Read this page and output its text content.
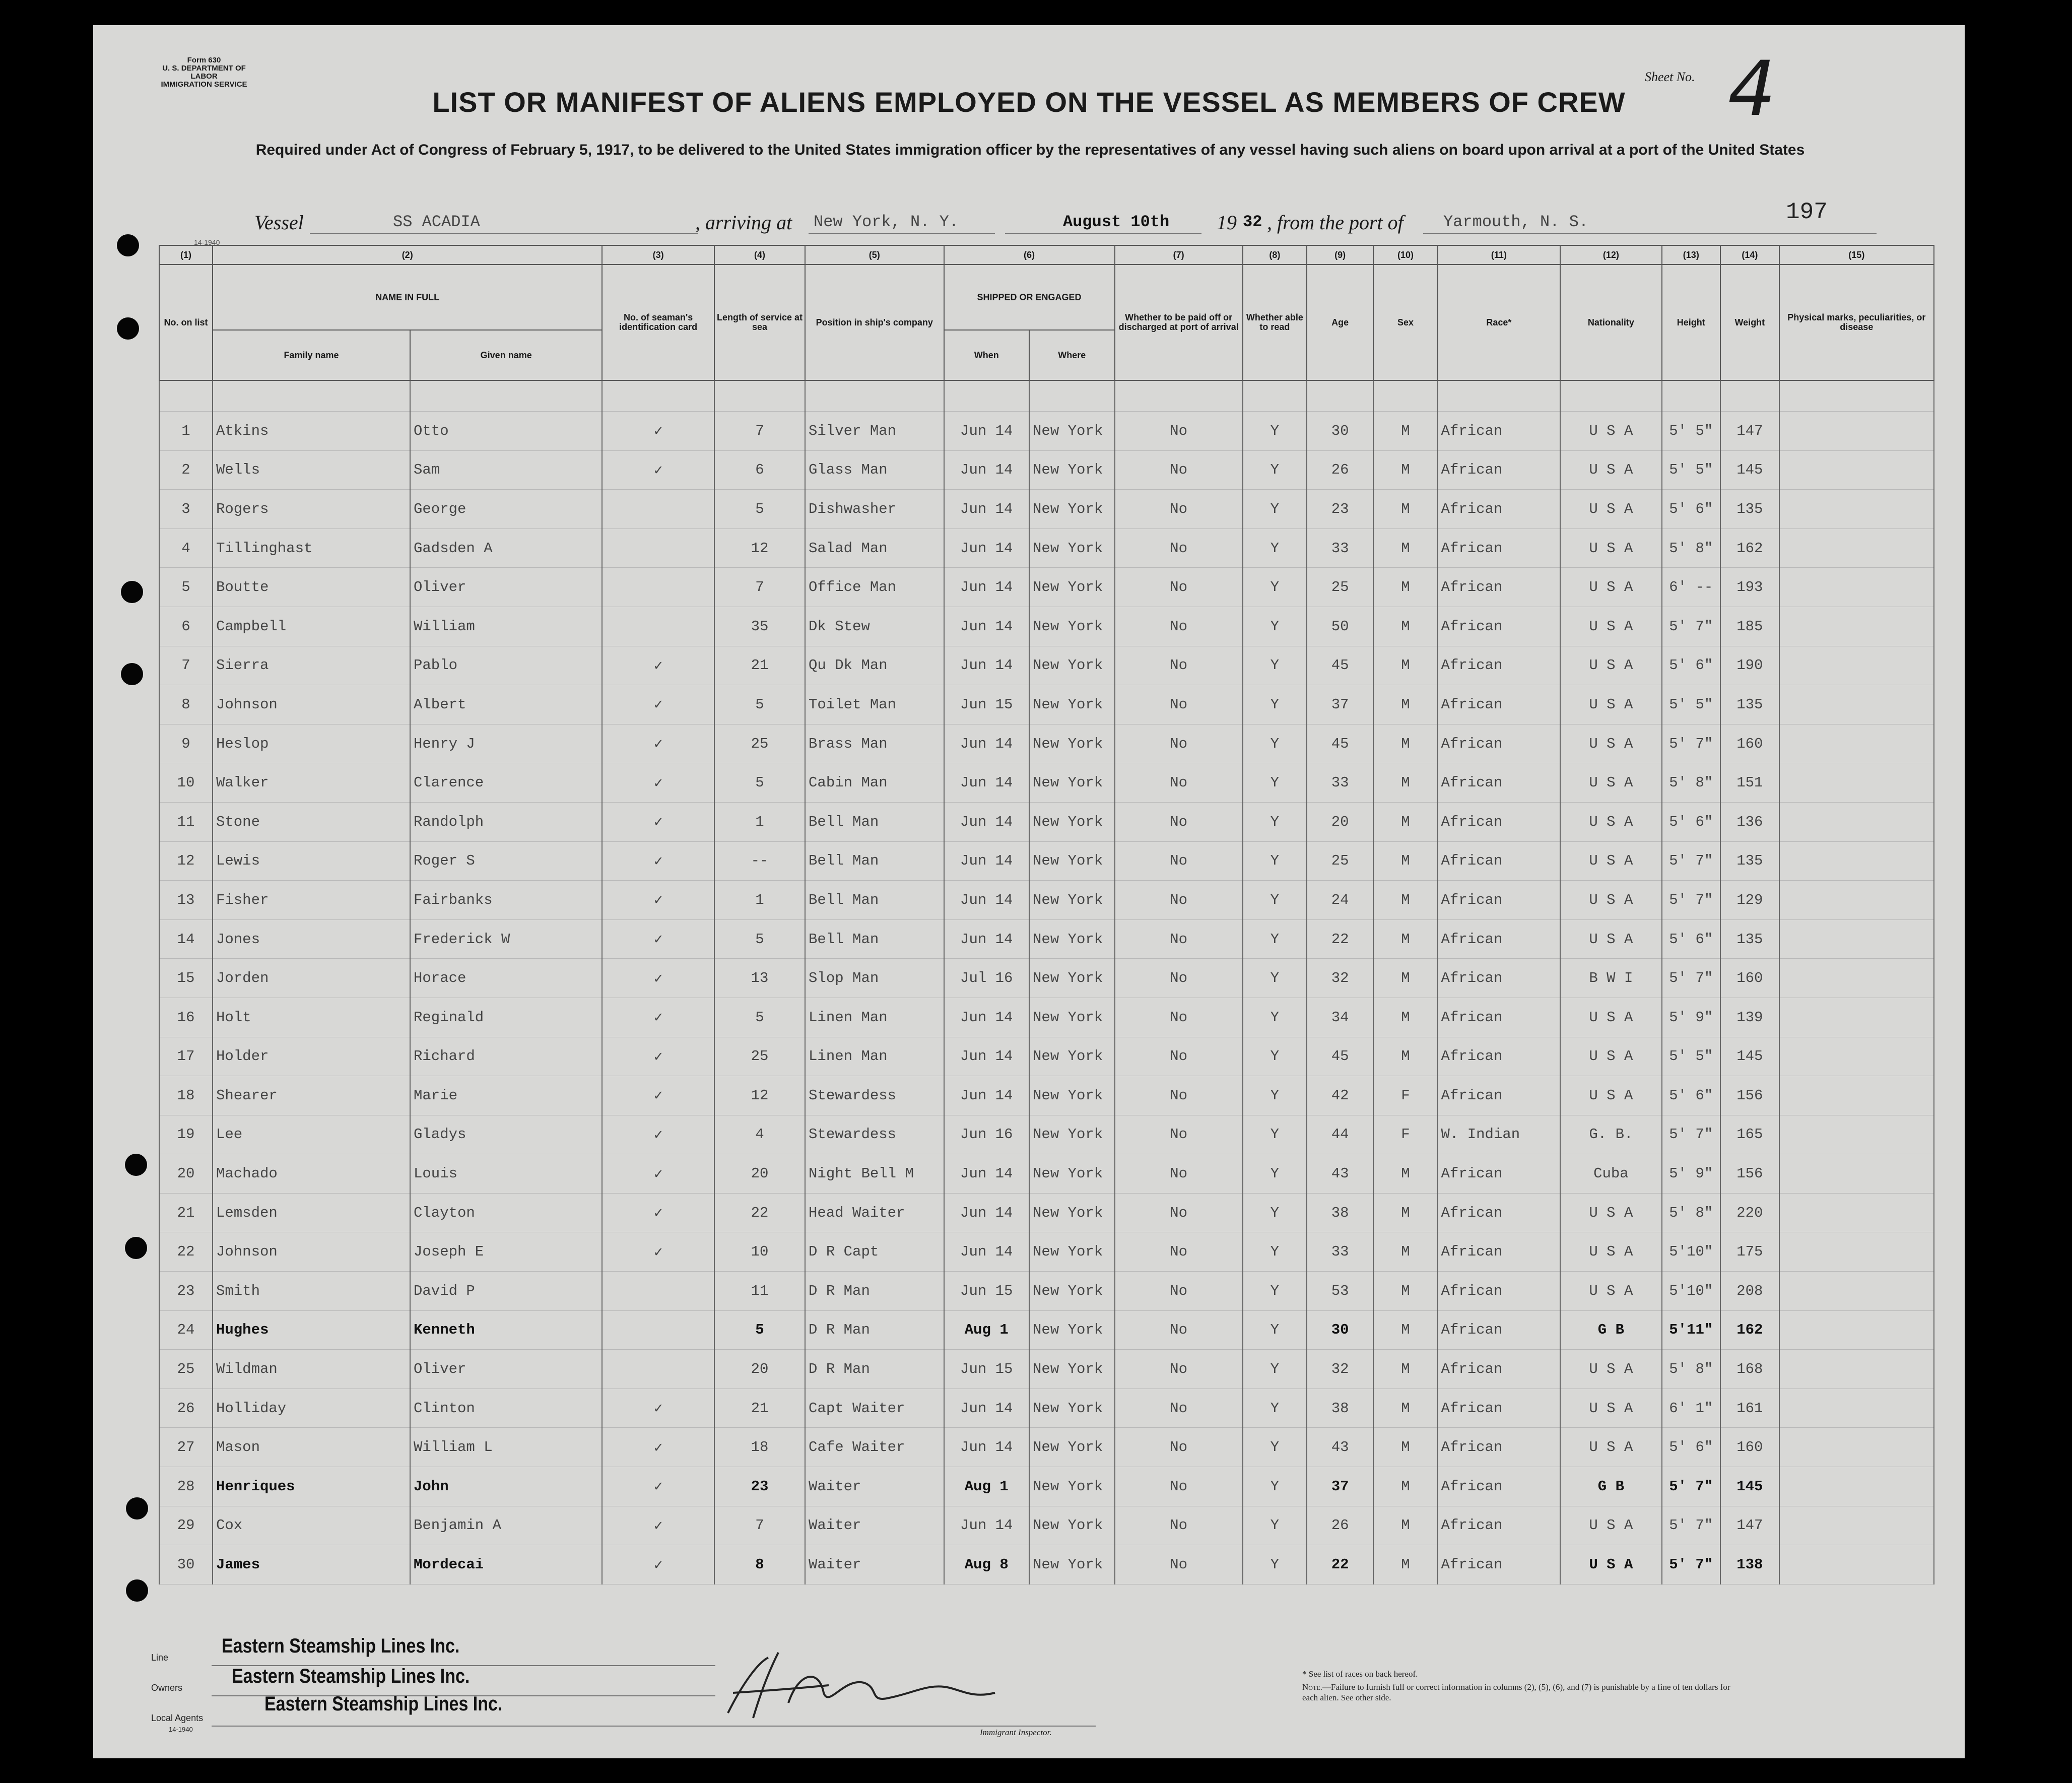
Form 630
U. S. DEPARTMENT OF LABOR
IMMIGRATION SERVICE
Sheet No. 4
LIST OR MANIFEST OF ALIENS EMPLOYED ON THE VESSEL AS MEMBERS OF CREW
Required under Act of Congress of February 5, 1917, to be delivered to the United States immigration officer by the representatives of any vessel having such aliens on board upon arrival at a port of the United States
Vessel	SS ACADIA	, arriving at New York, N. Y.	August 10th 19 32 , from the port of Yarmouth, N. S.	197
14-1940
(1)	(2)		(3)	(4)	(5)	(6)		(7)	(8)	(9)	(10)	(11)	(12)	(13)	(14)	(15)
No. on list	NAME IN FULL		No. of seaman's identification card	Length of service at sea	Position in ship's company	SHIPPED OR ENGAGED		Whether to be paid off or discharged at port of arrival	Whether able to read	Age	Sex	Race*	Nationality	Height	Weight	Physical marks, peculiarities, or disease
	Family name	Given name				When	Where									

1	Atkins	Otto	✓	7	Silver Man	Jun 14	New York	No	Y	30	M	African	U S A	5' 5"	147	
2	Wells	Sam	✓	6	Glass Man	Jun 14	New York	No	Y	26	M	African	U S A	5' 5"	145	
3	Rogers	George		5	Dishwasher	Jun 14	New York	No	Y	23	M	African	U S A	5' 6"	135	
4	Tillinghast	Gadsden A		12	Salad Man	Jun 14	New York	No	Y	33	M	African	U S A	5' 8"	162	
5	Boutte	Oliver		7	Office Man	Jun 14	New York	No	Y	25	M	African	U S A	6' --	193	
6	Campbell	William		35	Dk Stew	Jun 14	New York	No	Y	50	M	African	U S A	5' 7"	185	
7	Sierra	Pablo	✓	21	Qu Dk Man	Jun 14	New York	No	Y	45	M	African	U S A	5' 6"	190	
8	Johnson	Albert	✓	5	Toilet Man	Jun 15	New York	No	Y	37	M	African	U S A	5' 5"	135	
9	Heslop	Henry J	✓	25	Brass Man	Jun 14	New York	No	Y	45	M	African	U S A	5' 7"	160	
10	Walker	Clarence	✓	5	Cabin Man	Jun 14	New York	No	Y	33	M	African	U S A	5' 8"	151	
11	Stone	Randolph	✓	1	Bell Man	Jun 14	New York	No	Y	20	M	African	U S A	5' 6"	136	
12	Lewis	Roger S	✓	--	Bell Man	Jun 14	New York	No	Y	25	M	African	U S A	5' 7"	135	
13	Fisher	Fairbanks	✓	1	Bell Man	Jun 14	New York	No	Y	24	M	African	U S A	5' 7"	129	
14	Jones	Frederick W	✓	5	Bell Man	Jun 14	New York	No	Y	22	M	African	U S A	5' 6"	135	
15	Jorden	Horace	✓	13	Slop Man	Jul 16	New York	No	Y	32	M	African	B W I	5' 7"	160	
16	Holt	Reginald	✓	5	Linen Man	Jun 14	New York	No	Y	34	M	African	U S A	5' 9"	139	
17	Holder	Richard	✓	25	Linen Man	Jun 14	New York	No	Y	45	M	African	U S A	5' 5"	145	
18	Shearer	Marie	✓	12	Stewardess	Jun 14	New York	No	Y	42	F	African	U S A	5' 6"	156	
19	Lee	Gladys	✓	4	Stewardess	Jun 16	New York	No	Y	44	F	W. Indian	G. B.	5' 7"	165	
20	Machado	Louis	✓	20	Night Bell M	Jun 14	New York	No	Y	43	M	African	Cuba	5' 9"	156	
21	Lemsden	Clayton	✓	22	Head Waiter	Jun 14	New York	No	Y	38	M	African	U S A	5' 8"	220	
22	Johnson	Joseph E	✓	10	D R Capt	Jun 14	New York	No	Y	33	M	African	U S A	5'10"	175	
23	Smith	David P		11	D R Man	Jun 15	New York	No	Y	53	M	African	U S A	5'10"	208	
24	Hughes	Kenneth		5	D R Man	Aug 1	New York	No	Y	30	M	African	G B	5'11"	162	
25	Wildman	Oliver		20	D R Man	Jun 15	New York	No	Y	32	M	African	U S A	5' 8"	168	
26	Holliday	Clinton	✓	21	Capt Waiter	Jun 14	New York	No	Y	38	M	African	U S A	6' 1"	161	
27	Mason	William L	✓	18	Cafe Waiter	Jun 14	New York	No	Y	43	M	African	U S A	5' 6"	160	
28	Henriques	John	✓	23	Waiter	Aug 1	New York	No	Y	37	M	African	G B	5' 7"	145	
29	Cox	Benjamin A	✓	7	Waiter	Jun 14	New York	No	Y	26	M	African	U S A	5' 7"	147	
30	James	Mordecai	✓	8	Waiter	Aug 8	New York	No	Y	22	M	African	U S A	5' 7"	138	
Line
Owners
Local Agents
14-1940
Eastern Steamship Lines Inc.
Eastern Steamship Lines Inc.
Eastern Steamship Lines Inc.
Immigrant Inspector.
* See list of races on back hereof.
Note.—Failure to furnish full or correct information in columns (2), (5), (6), and (7) is punishable by a fine of ten dollars for each alien. See other side.
